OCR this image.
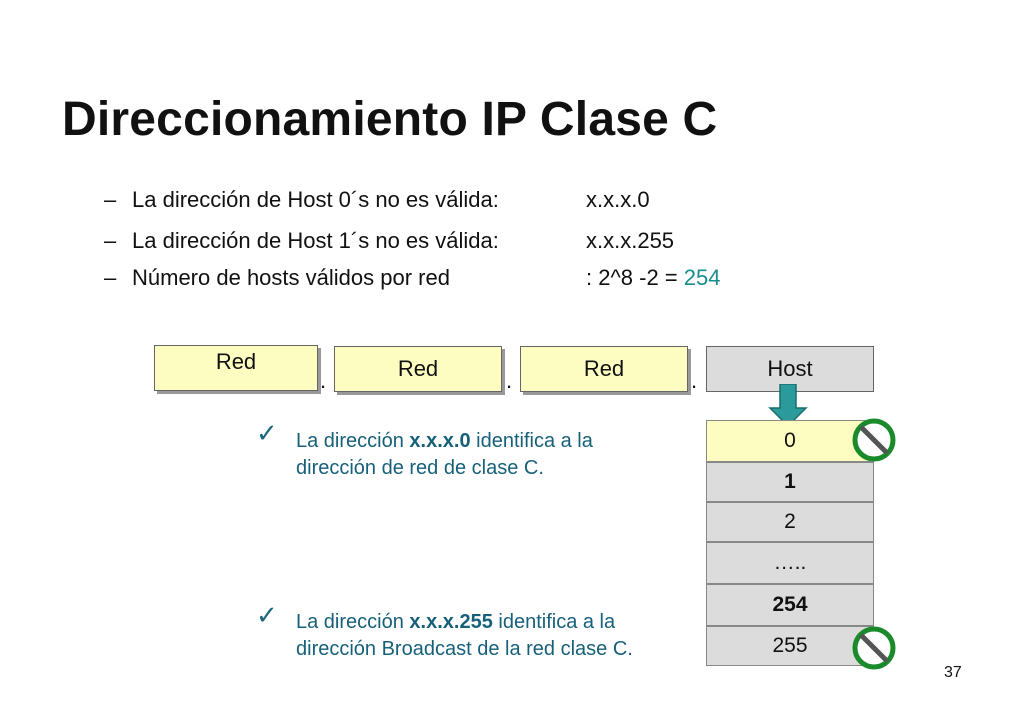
Direccionamiento IP Clase C
– La dirección de Host 0´s no es válida:	x.x.x.0
– La dirección de Host 1´s no es válida:	x.x.x.255
– Número de hosts válidos por red	: 2^8 -2 = 254
Red
.	Red	.	Red	.	Host
✓ La dirección x.x.x.0 identifica a la dirección de red de clase C.
✓ La dirección x.x.x.255 identifica a la dirección Broadcast de la red clase C.
0
1
2
…..
254
255
37
